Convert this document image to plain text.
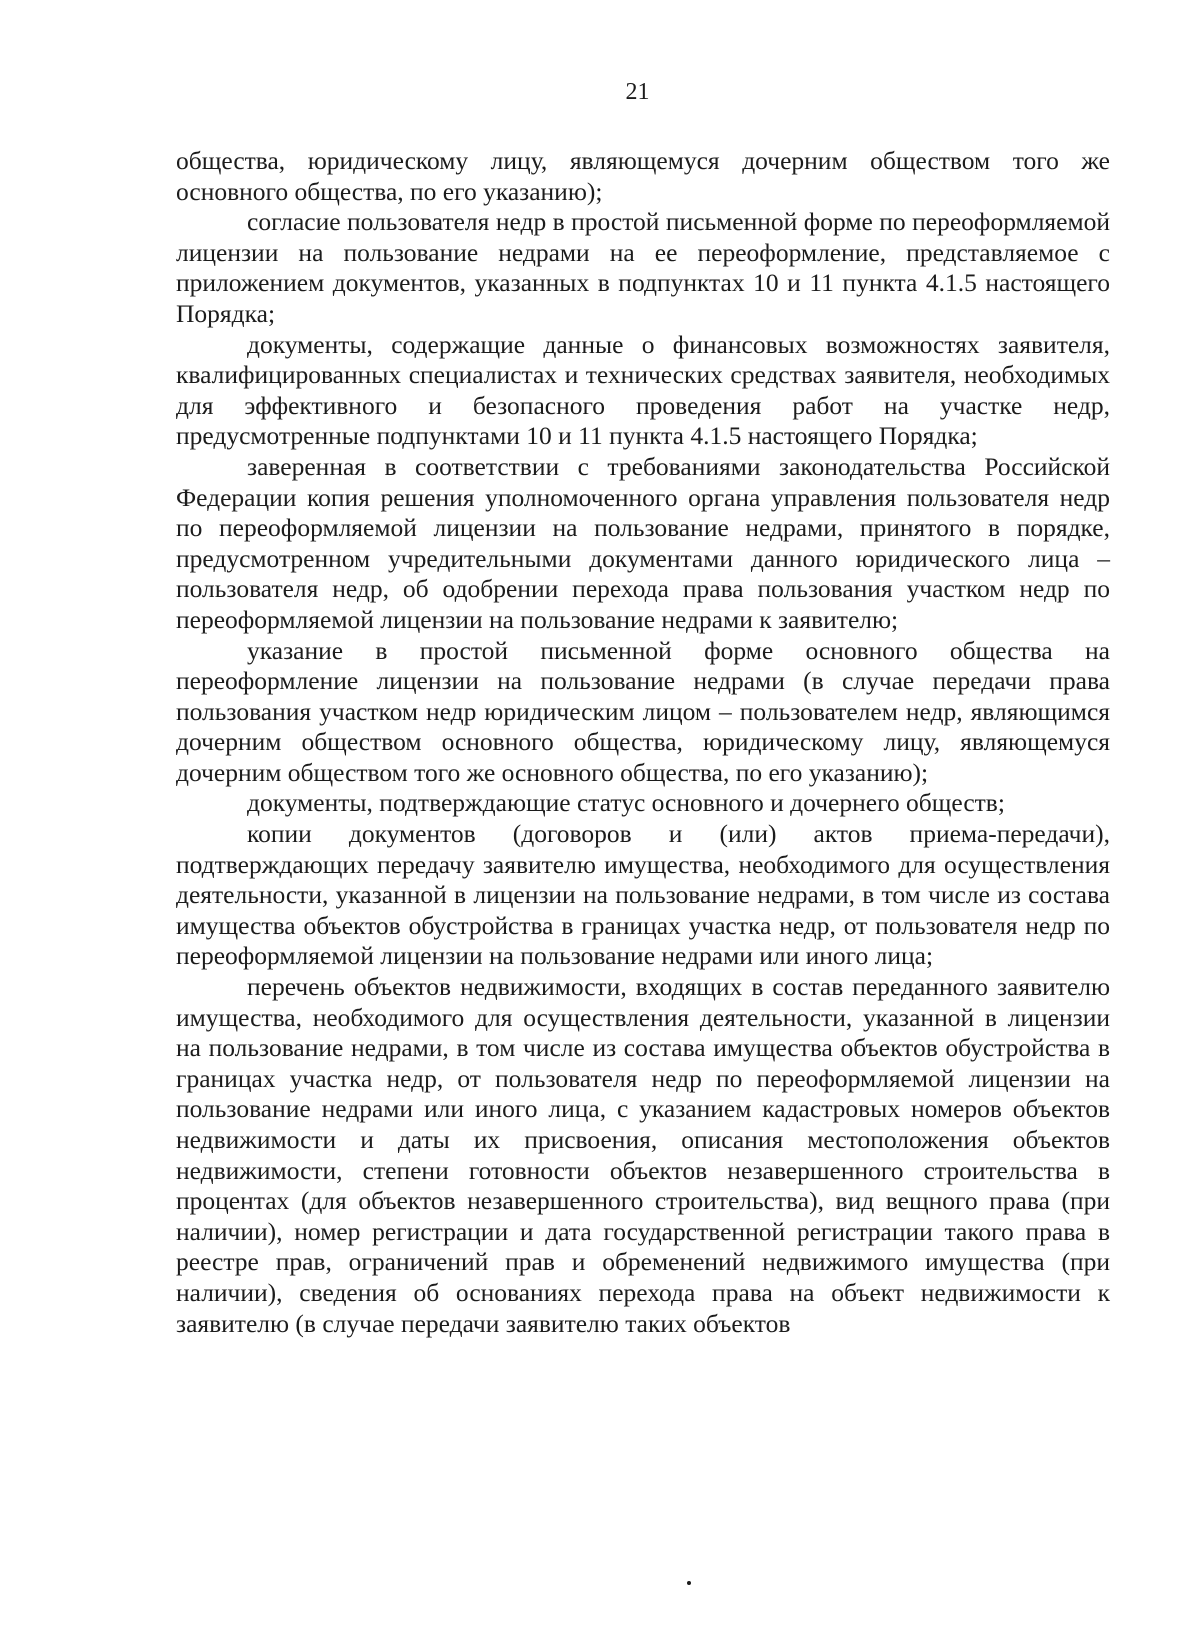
21

общества, юридическому лицу, являющемуся дочерним обществом того же основного общества, по его указанию);

согласие пользователя недр в простой письменной форме по переоформляемой лицензии на пользование недрами на ее переоформление, представляемое с приложением документов, указанных в подпунктах 10 и 11 пункта 4.1.5 настоящего Порядка;

документы, содержащие данные о финансовых возможностях заявителя, квалифицированных специалистах и технических средствах заявителя, необходимых для эффективного и безопасного проведения работ на участке недр, предусмотренные подпунктами 10 и 11 пункта 4.1.5 настоящего Порядка;

заверенная в соответствии с требованиями законодательства Российской Федерации копия решения уполномоченного органа управления пользователя недр по переоформляемой лицензии на пользование недрами, принятого в порядке, предусмотренном учредительными документами данного юридического лица – пользователя недр, об одобрении перехода права пользования участком недр по переоформляемой лицензии на пользование недрами к заявителю;

указание в простой письменной форме основного общества на переоформление лицензии на пользование недрами (в случае передачи права пользования участком недр юридическим лицом – пользователем недр, являющимся дочерним обществом основного общества, юридическому лицу, являющемуся дочерним обществом того же основного общества, по его указанию);

документы, подтверждающие статус основного и дочернего обществ;

копии документов (договоров и (или) актов приема-передачи), подтверждающих передачу заявителю имущества, необходимого для осуществления деятельности, указанной в лицензии на пользование недрами, в том числе из состава имущества объектов обустройства в границах участка недр, от пользователя недр по переоформляемой лицензии на пользование недрами или иного лица;

перечень объектов недвижимости, входящих в состав переданного заявителю имущества, необходимого для осуществления деятельности, указанной в лицензии на пользование недрами, в том числе из состава имущества объектов обустройства в границах участка недр, от пользователя недр по переоформляемой лицензии на пользование недрами или иного лица, с указанием кадастровых номеров объектов недвижимости и даты их присвоения, описания местоположения объектов недвижимости, степени готовности объектов незавершенного строительства в процентах (для объектов незавершенного строительства), вид вещного права (при наличии), номер регистрации и дата государственной регистрации такого права в реестре прав, ограничений прав и обременений недвижимого имущества (при наличии), сведения об основаниях перехода права на объект недвижимости к заявителю (в случае передачи заявителю таких объектов
